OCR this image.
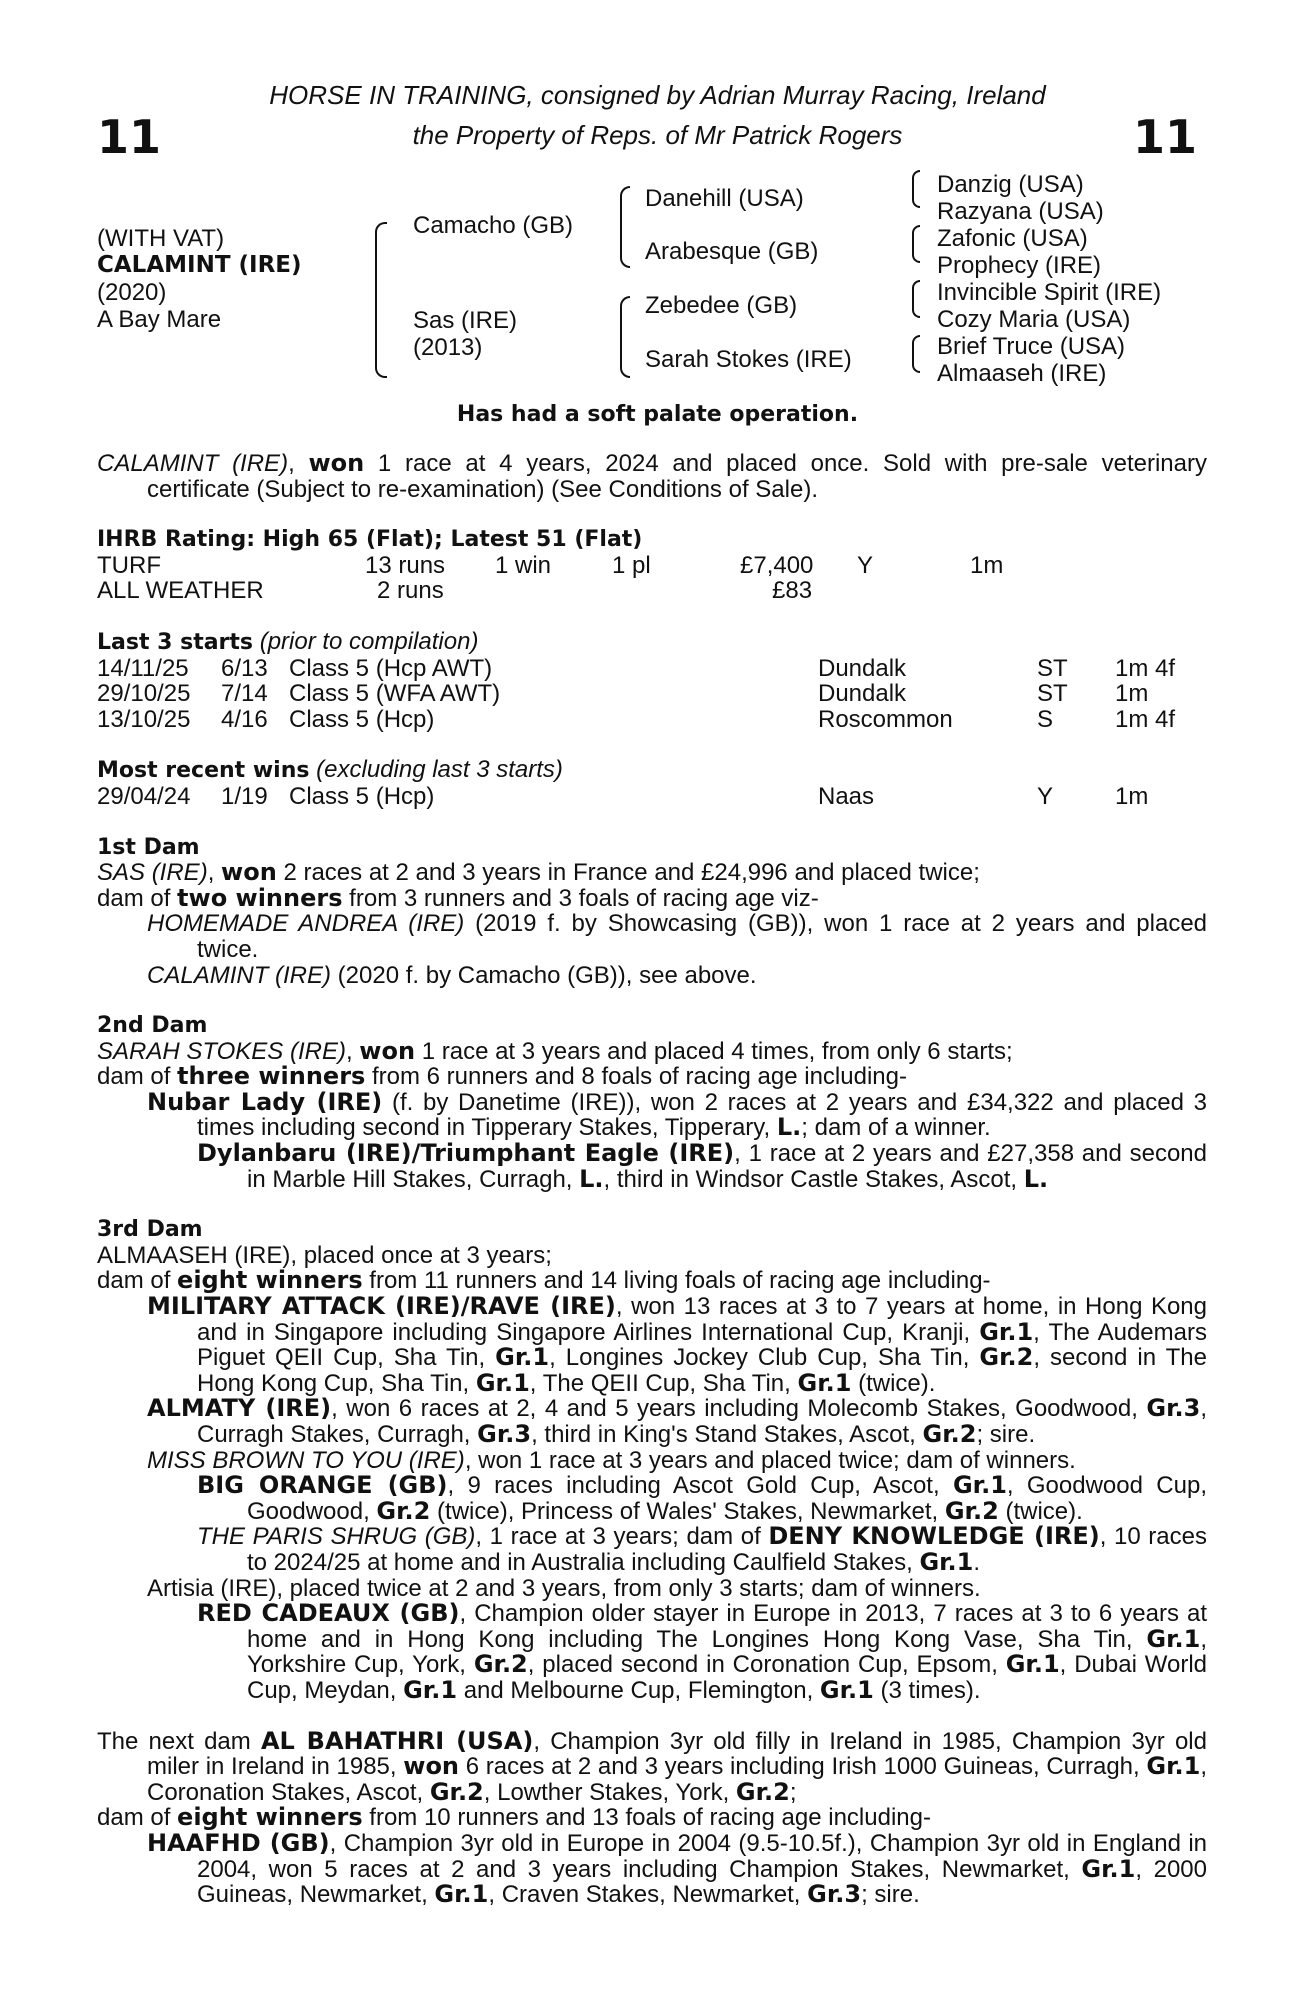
11	11
HORSE IN TRAINING, consigned by Adrian Murray Racing, Ireland
the Property of Reps. of Mr Patrick Rogers
(WITH VAT)
CALAMINT (IRE)
(2020)
A Bay Mare
Camacho (GB)
Sas (IRE)
(2013)
Danehill (USA)
Arabesque (GB)
Zebedee (GB)
Sarah Stokes (IRE)
Danzig (USA)
Razyana (USA)
Zafonic (USA)
Prophecy (IRE)
Invincible Spirit (IRE)
Cozy Maria (USA)
Brief Truce (USA)
Almaaseh (IRE)
Has had a soft palate operation.

CALAMINT (IRE), won 1 race at 4 years, 2024 and placed once. Sold with pre-sale veterinary certificate (Subject to re-examination) (See Conditions of Sale).

IHRB Rating: High 65 (Flat); Latest 51 (Flat)

TURF	13 runs 1 win	1 pl	£7,400 Y	1m
ALL WEATHER	2 runs	£83

Last 3 starts (prior to compilation)

14/11/25 6/13 Class 5 (Hcp AWT)	Dundalk	ST 1m 4f
29/10/25 7/14 Class 5 (WFA AWT)	Dundalk	ST 1m
13/10/25 4/16 Class 5 (Hcp)	Roscommon	S	1m 4f

Most recent wins (excluding last 3 starts)

29/04/24 1/19 Class 5 (Hcp)	Naas	Y	1m

1st Dam

SAS (IRE), won 2 races at 2 and 3 years in France and £24,996 and placed twice;

dam of two winners from 3 runners and 3 foals of racing age viz-

HOMEMADE ANDREA (IRE) (2019 f. by Showcasing (GB)), won 1 race at 2 years and placed twice.

CALAMINT (IRE) (2020 f. by Camacho (GB)), see above.

2nd Dam

SARAH STOKES (IRE), won 1 race at 3 years and placed 4 times, from only 6 starts;

dam of three winners from 6 runners and 8 foals of racing age including-

Nubar Lady (IRE) (f. by Danetime (IRE)), won 2 races at 2 years and £34,322 and placed 3 times including second in Tipperary Stakes, Tipperary, L.; dam of a winner.

Dylanbaru (IRE)/Triumphant Eagle (IRE), 1 race at 2 years and £27,358 and second in Marble Hill Stakes, Curragh, L., third in Windsor Castle Stakes, Ascot, L.

3rd Dam

ALMAASEH (IRE), placed once at 3 years;

dam of eight winners from 11 runners and 14 living foals of racing age including-

MILITARY ATTACK (IRE)/RAVE (IRE), won 13 races at 3 to 7 years at home, in Hong Kong and in Singapore including Singapore Airlines International Cup, Kranji, Gr.1, The Audemars Piguet QEII Cup, Sha Tin, Gr.1, Longines Jockey Club Cup, Sha Tin, Gr.2, second in The Hong Kong Cup, Sha Tin, Gr.1, The QEII Cup, Sha Tin, Gr.1 (twice).

ALMATY (IRE), won 6 races at 2, 4 and 5 years including Molecomb Stakes, Goodwood, Gr.3, Curragh Stakes, Curragh, Gr.3, third in King's Stand Stakes, Ascot, Gr.2; sire.

MISS BROWN TO YOU (IRE), won 1 race at 3 years and placed twice; dam of winners.

BIG ORANGE (GB), 9 races including Ascot Gold Cup, Ascot, Gr.1, Goodwood Cup, Goodwood, Gr.2 (twice), Princess of Wales' Stakes, Newmarket, Gr.2 (twice).

THE PARIS SHRUG (GB), 1 race at 3 years; dam of DENY KNOWLEDGE (IRE), 10 races to 2024/25 at home and in Australia including Caulfield Stakes, Gr.1.

Artisia (IRE), placed twice at 2 and 3 years, from only 3 starts; dam of winners.

RED CADEAUX (GB), Champion older stayer in Europe in 2013, 7 races at 3 to 6 years at home and in Hong Kong including The Longines Hong Kong Vase, Sha Tin, Gr.1, Yorkshire Cup, York, Gr.2, placed second in Coronation Cup, Epsom, Gr.1, Dubai World Cup, Meydan, Gr.1 and Melbourne Cup, Flemington, Gr.1 (3 times).

The next dam AL BAHATHRI (USA), Champion 3yr old filly in Ireland in 1985, Champion 3yr old miler in Ireland in 1985, won 6 races at 2 and 3 years including Irish 1000 Guineas, Curragh, Gr.1, Coronation Stakes, Ascot, Gr.2, Lowther Stakes, York, Gr.2;

dam of eight winners from 10 runners and 13 foals of racing age including-

HAAFHD (GB), Champion 3yr old in Europe in 2004 (9.5-10.5f.), Champion 3yr old in England in 2004, won 5 races at 2 and 3 years including Champion Stakes, Newmarket, Gr.1, 2000 Guineas, Newmarket, Gr.1, Craven Stakes, Newmarket, Gr.3; sire.
